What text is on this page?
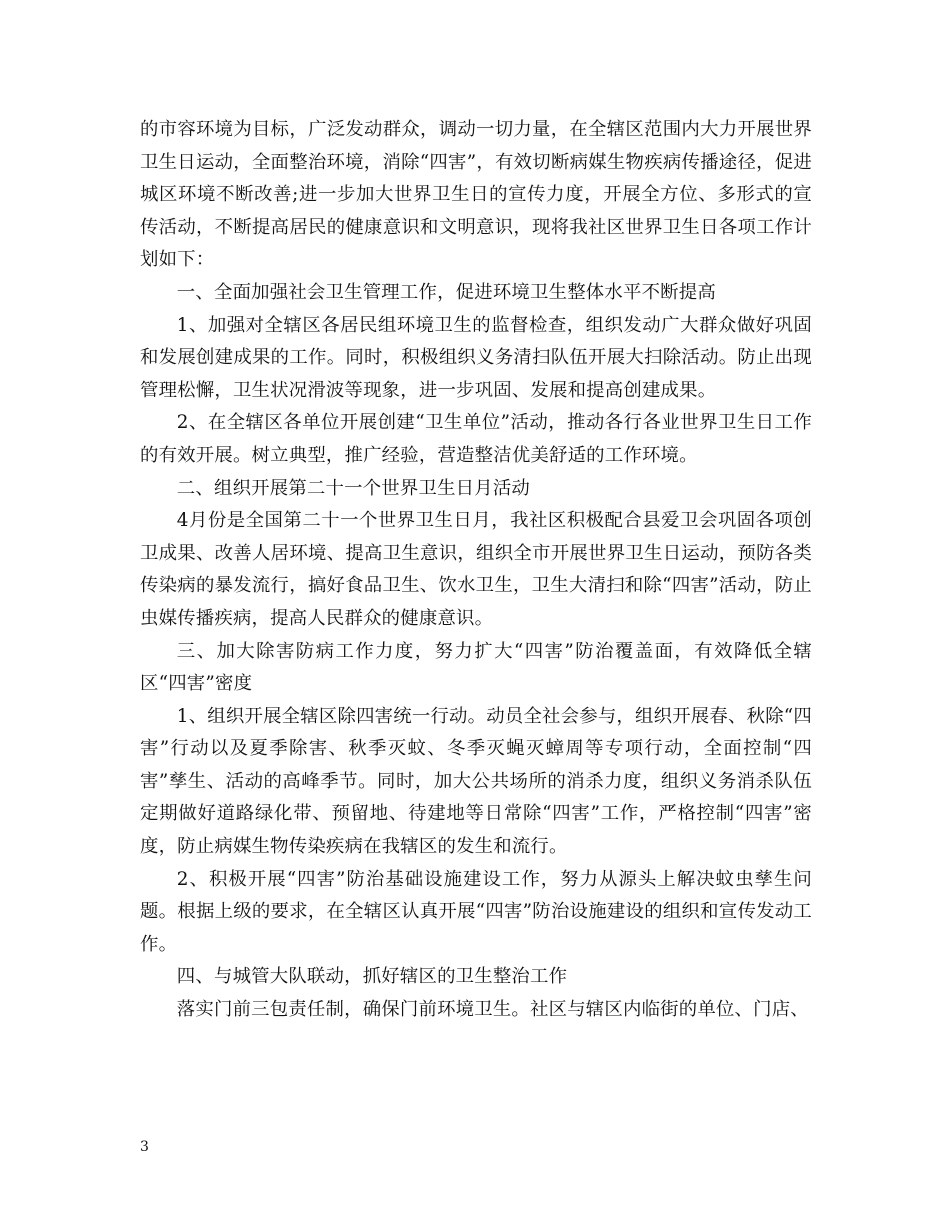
的市容环境为目标，广泛发动群众，调动一切力量，在全辖区范围内大力开展世界卫生日运动，全面整治环境，消除“四害”，有效切断病媒生物疾病传播途径，促进城区环境不断改善;进一步加大世界卫生日的宣传力度，开展全方位、多形式的宣传活动，不断提高居民的健康意识和文明意识，现将我社区世界卫生日各项工作计划如下：

一、全面加强社会卫生管理工作，促进环境卫生整体水平不断提高

1、加强对全辖区各居民组环境卫生的监督检查，组织发动广大群众做好巩固和发展创建成果的工作。同时，积极组织义务清扫队伍开展大扫除活动。防止出现管理松懈，卫生状况滑波等现象，进一步巩固、发展和提高创建成果。

2、在全辖区各单位开展创建“卫生单位”活动，推动各行各业世界卫生日工作的有效开展。树立典型，推广经验，营造整洁优美舒适的工作环境。

二、组织开展第二十一个世界卫生日月活动

4月份是全国第二十一个世界卫生日月，我社区积极配合县爱卫会巩固各项创卫成果、改善人居环境、提高卫生意识，组织全市开展世界卫生日运动，预防各类传染病的暴发流行，搞好食品卫生、饮水卫生，卫生大清扫和除“四害”活动，防止虫媒传播疾病，提高人民群众的健康意识。

三、加大除害防病工作力度，努力扩大“四害”防治覆盖面，有效降低全辖区“四害”密度

1、组织开展全辖区除四害统一行动。动员全社会参与，组织开展春、秋除“四害”行动以及夏季除害、秋季灭蚊、冬季灭蝇灭蟑周等专项行动，全面控制“四害”孳生、活动的高峰季节。同时，加大公共场所的消杀力度，组织义务消杀队伍定期做好道路绿化带、预留地、待建地等日常除“四害”工作，严格控制“四害”密度，防止病媒生物传染疾病在我辖区的发生和流行。

2、积极开展“四害”防治基础设施建设工作，努力从源头上解决蚊虫孳生问题。根据上级的要求，在全辖区认真开展“四害”防治设施建设的组织和宣传发动工作。

四、与城管大队联动，抓好辖区的卫生整治工作

落实门前三包责任制，确保门前环境卫生。社区与辖区内临街的单位、门店、

3
